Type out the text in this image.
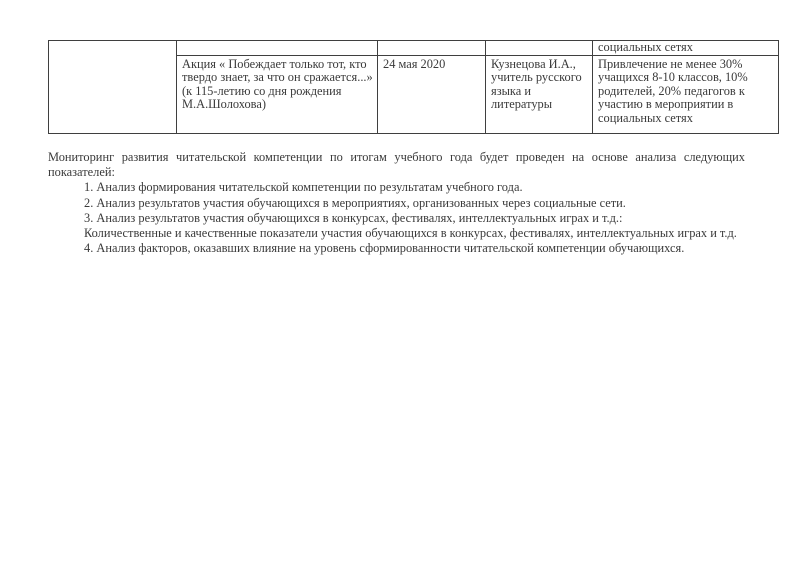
				социальных сетях
	Акция « Побеждает только тот, кто твердо знает, за что он сражается...» (к 115-летию со дня рождения М.А.Шолохова)	24 мая 2020	Кузнецова И.А., учитель русского языка и литературы	Привлечение не менее 30% учащихся 8-10 классов, 10% родителей, 20% педагогов к участию в мероприятии в социальных сетях

Мониторинг развития читательской компетенции по итогам учебного года будет проведен на основе анализа следующих показателей:

1. Анализ формирования читательской компетенции по результатам учебного года.

2. Анализ результатов участия обучающихся в мероприятиях, организованных через социальные сети.

3. Анализ результатов участия обучающихся в конкурсах, фестивалях, интеллектуальных играх и т.д.:

Количественные и качественные показатели участия обучающихся в конкурсах, фестивалях, интеллектуальных играх и т.д.

4. Анализ факторов, оказавших влияние на уровень сформированности читательской компетенции обучающихся.
